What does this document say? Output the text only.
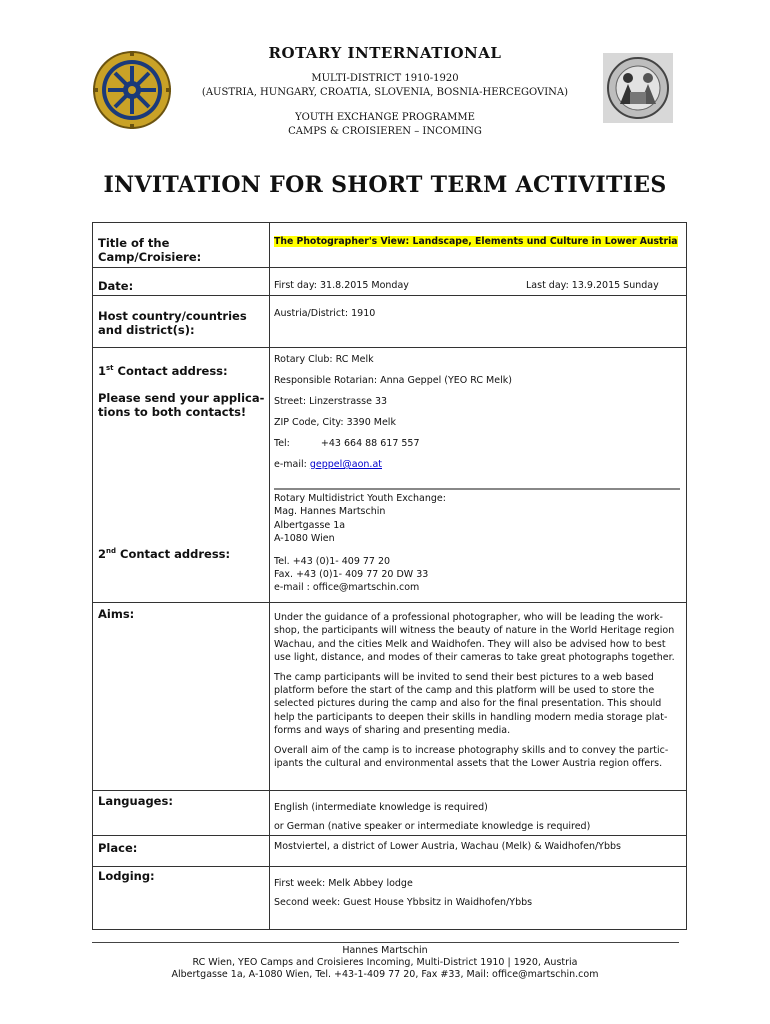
ROTARY INTERNATIONAL
MULTI-DISTRICT 1910-1920
(AUSTRIA, HUNGARY, CROATIA, SLOVENIA, BOSNIA-HERCEGOVINA)
YOUTH EXCHANGE PROGRAMME
CAMPS & CROISIEREN – INCOMING
INVITATION FOR SHORT TERM ACTIVITIES
Title of the Camp/Croisiere:
The Photographer's View: Landscape, Elements und Culture in Lower Austria
Date:	First day: 31.8.2015 Monday	Last day: 13.9.2015 Sunday
Host country/countries and district(s):
Austria/District: 1910
1st Contact address:
Please send your applica-tions to both contacts!
Rotary Club: RC Melk
Responsible Rotarian: Anna Geppel (YEO RC Melk)
Street: Linzerstrasse 33
ZIP Code, City: 3390 Melk
Tel:	+43 664 88 617 557
e-mail: geppel@aon.at
2nd Contact address:
Rotary Multidistrict Youth Exchange:
Mag. Hannes Martschin
Albertgasse 1a
A-1080 Wien
Tel. +43 (0)1- 409 77 20
Fax. +43 (0)1- 409 77 20 DW 33
e-mail : office@martschin.com
Aims:	Under the guidance of a professional photographer, who will be leading the work-shop, the participants will witness the beauty of nature in the World Heritage region Wachau, and the cities Melk and Waidhofen. They will also be advised how to best use light, distance, and modes of their cameras to take great photographs together.

The camp participants will be invited to send their best pictures to a web based platform before the start of the camp and this platform will be used to store the selected pictures during the camp and also for the final presentation. This should help the participants to deepen their skills in handling modern media storage plat-forms and ways of sharing and presenting media.

Overall aim of the camp is to increase photography skills and to convey the partic-ipants the cultural and environmental assets that the Lower Austria region offers.

Languages:	English (intermediate knowledge is required)
or German (native speaker or intermediate knowledge is required)
Place:	Mostviertel, a district of Lower Austria, Wachau (Melk) & Waidhofen/Ybbs
Lodging:
First week: Melk Abbey lodge
Second week: Guest House Ybbsitz in Waidhofen/Ybbs
Hannes Martschin
RC Wien, YEO Camps and Croisieres Incoming, Multi-District 1910 | 1920, Austria
Albertgasse 1a, A-1080 Wien, Tel. +43-1-409 77 20, Fax #33, Mail: office@martschin.com
